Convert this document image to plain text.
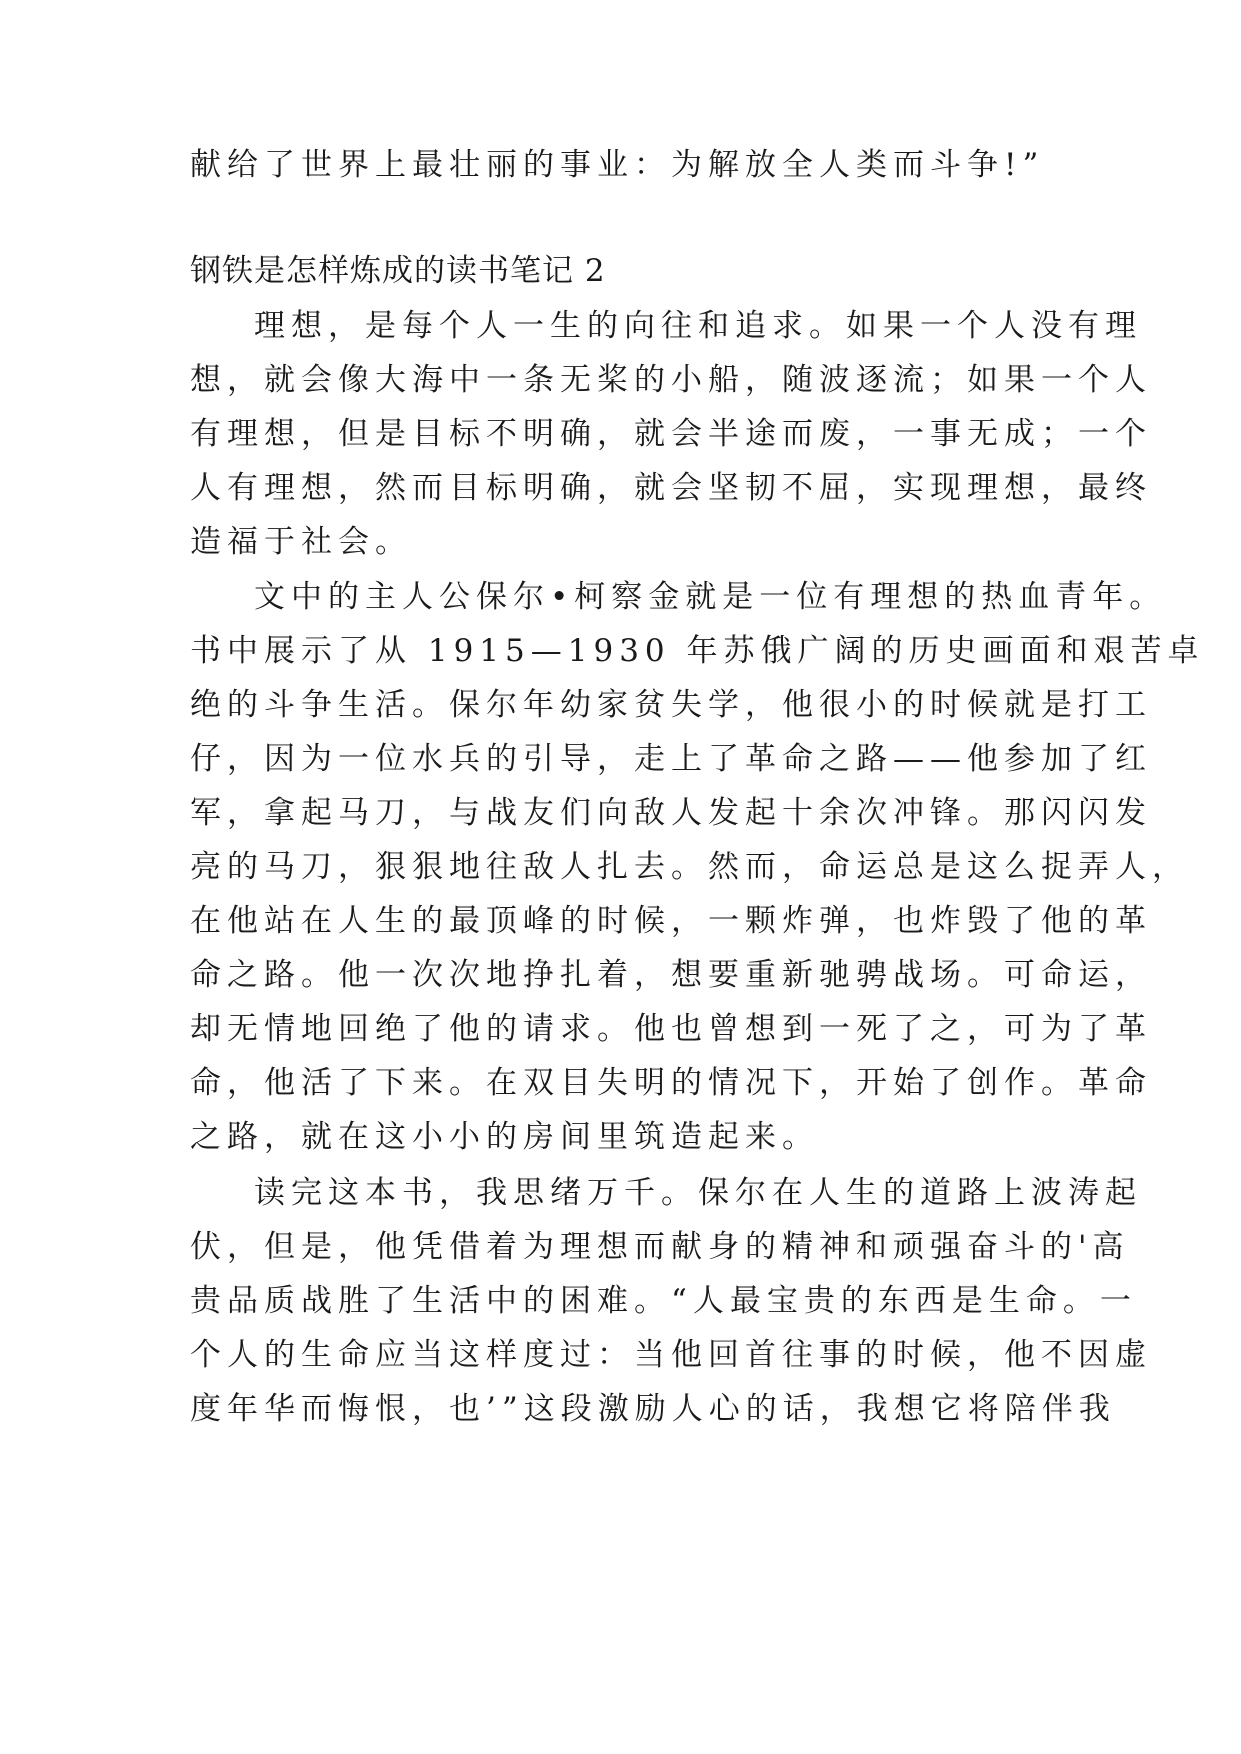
献给了世界上最壮丽的事业：为解放全人类而斗争!”
钢铁是怎样炼成的读书笔记 2
理想，是每个人一生的向往和追求。如果一个人没有理
想，就会像大海中一条无桨的小船，随波逐流；如果一个人
有理想，但是目标不明确，就会半途而废，一事无成；一个
人有理想，然而目标明确，就会坚韧不屈，实现理想，最终
造福于社会。
文中的主人公保尔•柯察金就是一位有理想的热血青年。
书中展示了从 1915—1930 年苏俄广阔的历史画面和艰苦卓
绝的斗争生活。保尔年幼家贫失学，他很小的时候就是打工
仔，因为一位水兵的引导，走上了革命之路——他参加了红
军，拿起马刀，与战友们向敌人发起十余次冲锋。那闪闪发
亮的马刀，狠狠地往敌人扎去。然而，命运总是这么捉弄人，
在他站在人生的最顶峰的时候，一颗炸弹，也炸毁了他的革
命之路。他一次次地挣扎着，想要重新驰骋战场。可命运，
却无情地回绝了他的请求。他也曾想到一死了之，可为了革
命，他活了下来。在双目失明的情况下，开始了创作。革命
之路，就在这小小的房间里筑造起来。
读完这本书，我思绪万千。保尔在人生的道路上波涛起
伏，但是，他凭借着为理想而献身的精神和顽强奋斗的'高
贵品质战胜了生活中的困难。“人最宝贵的东西是生命。一
个人的生命应当这样度过：当他回首往事的时候，他不因虚
度年华而悔恨，也’”这段激励人心的话，我想它将陪伴我
